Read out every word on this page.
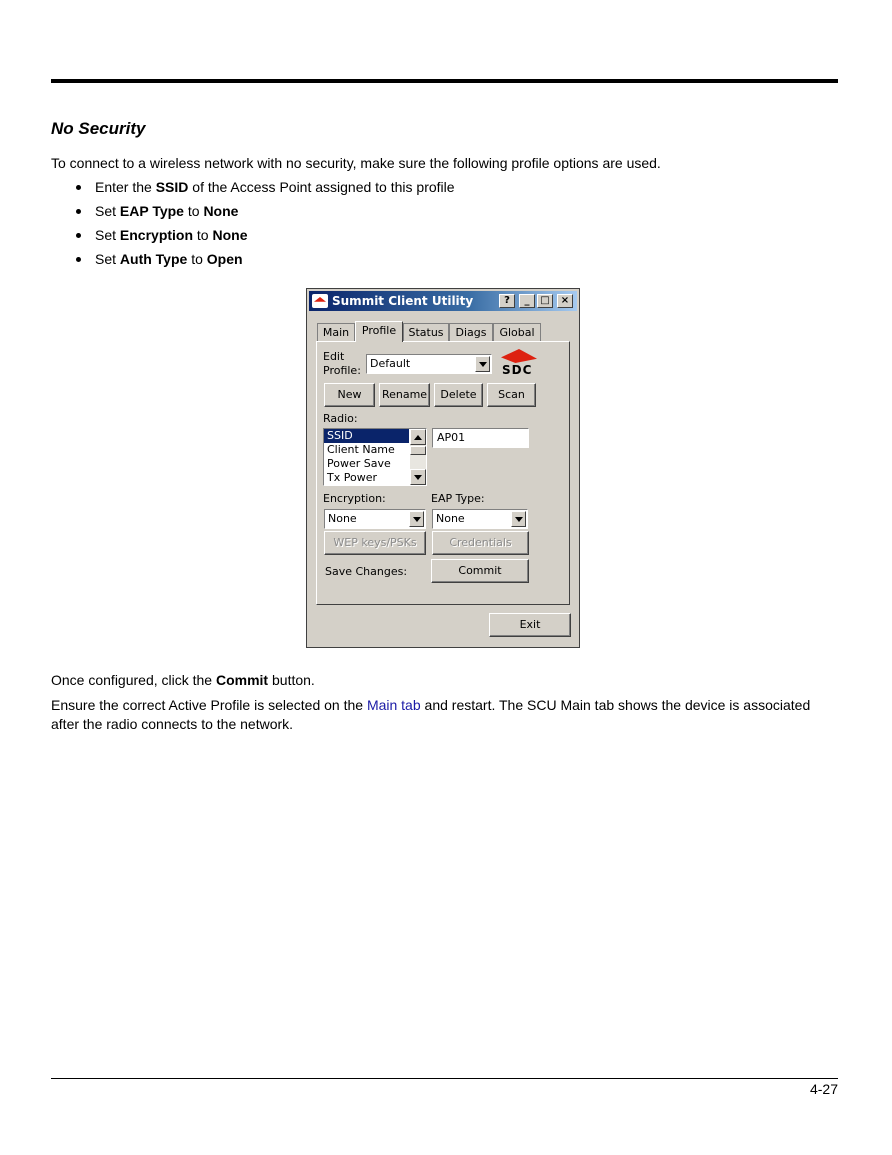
No Security
To connect to a wireless network with no security, make sure the following profile options are used.
Enter the SSID of the Access Point assigned to this profile
Set EAP Type to None
Set Encryption to None
Set Auth Type to Open
Summit Client Utility	?	_	□	×
Main	Profile	Status	Diags	Global
Edit
Profile:
Default	SDC
New	Rename	Delete	Scan
Radio:
SSID
Client Name
Power Save
Tx Power
AP01
Encryption:	EAP Type:
None	None
WEP keys/PSKs	Credentials
Save Changes:	Commit
Exit
Once configured, click the Commit button.
Ensure the correct Active Profile is selected on the Main tab and restart. The SCU Main tab shows the device is associated after the radio connects to the network.
4-27
